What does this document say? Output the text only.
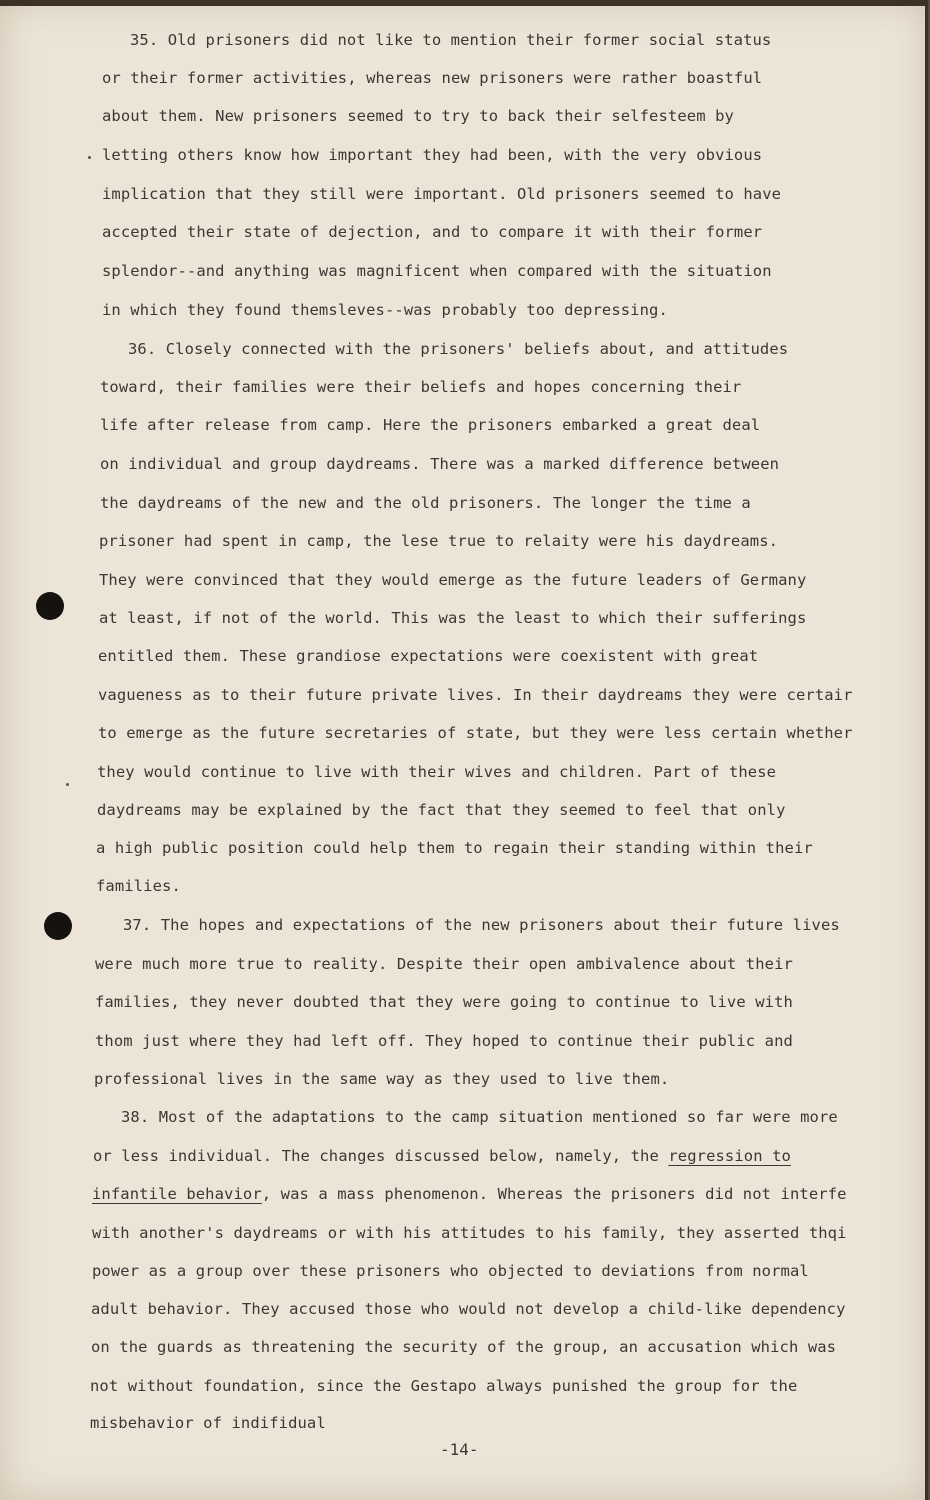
35. Old prisoners did not like to mention their former social status
or their former activities, whereas new prisoners were rather boastful
about them. New prisoners seemed to try to back their selfesteem by
letting others know how important they had been, with the very obvious
implication that they still were important. Old prisoners seemed to have
accepted their state of dejection, and to compare it with their former
splendor--and anything was magnificent when compared with the situation
in which they found themsleves--was probably too depressing.
36. Closely connected with the prisoners' beliefs about, and attitudes
toward, their families were their beliefs and hopes concerning their
life after release from camp. Here the prisoners embarked a great deal
on individual and group daydreams. There was a marked difference between
the daydreams of the new and the old prisoners. The longer the time a
prisoner had spent in camp, the lese true to relaity were his daydreams.
They were convinced that they would emerge as the future leaders of Germany
at least, if not of the world. This was the least to which their sufferings
entitled them. These grandiose expectations were coexistent with great
vagueness as to their future private lives. In their daydreams they were certair
to emerge as the future secretaries of state, but they were less certain whether
they would continue to live with their wives and children. Part of these
daydreams may be explained by the fact that they seemed to feel that only
a high public position could help them to regain their standing within their
families.
37. The hopes and expectations of the new prisoners about their future lives
were much more true to reality. Despite their open ambivalence about their
families, they never doubted that they were going to continue to live with
thom just where they had left off. They hoped to continue their public and
professional lives in the same way as they used to live them.
38. Most of the adaptations to the camp situation mentioned so far were more
or less individual. The changes discussed below, namely, the regression to
infantile behavior, was a mass phenomenon. Whereas the prisoners did not interfe
with another's daydreams or with his attitudes to his family, they asserted thqi
power as a group over these prisoners who objected to deviations from normal
adult behavior. They accused those who would not develop a child-like dependency
on the guards as threatening the security of the group, an accusation which was
not without foundation, since the Gestapo always punished the group for the
misbehavior of indifidual
-14-
